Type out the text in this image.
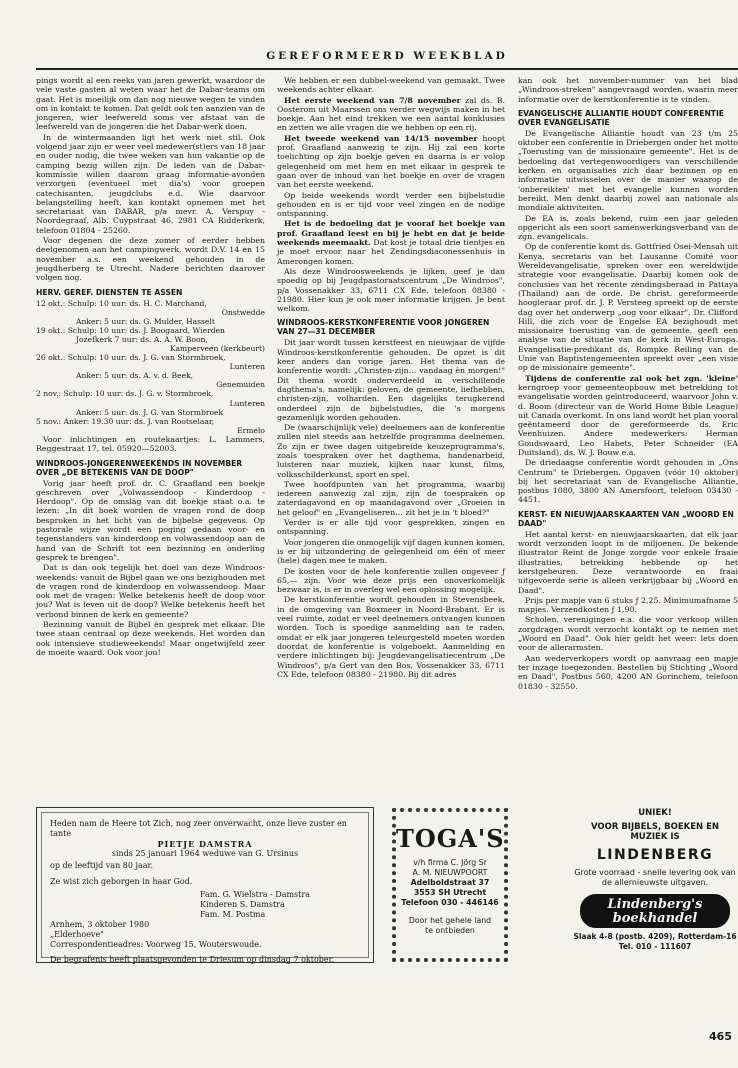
GEREFORMEERD WEEKBLAD

pings wordt al een reeks van jaren gewerkt, waardoor de vele vaste gasten al weten waar het de Dabar-teams om gaat. Het is moeilijk om dan nog nieuwe wegen te vinden om in kontakt te komen. Dat geldt ook ten aanzien van de jongeren, wier leefwereld soms ver afstaat van de leefwereld van de jongeren die het Dabar-werk doen.

In de wintermaanden ligt het werk niet stil. Ook volgend jaar zijn er weer veel medewer(st)ers van 18 jaar en ouder nodig, die twee weken van hun vakantie op de camping bezig willen zijn. De leden van de Dabar-kommissie willen daarom graag informatie-avonden verzorgen (eventueel met dia's) voor groepen catechisanten, jeugdclubs e.d. Wie daarvoor belangstelling heeft, kan kontakt opnemen met het secretariaat van DABAR, p/a mevr. A. Verspuy - Noordegraaf, Alb. Cuypstraat 46, 2981 CA Ridderkerk, telefoon 01804 - 25260.

Voor degenen die deze zomer of eerder hebben deelgenomen aan het campingwerk, wordt D.V. 14 en 15 november a.s. een weekend gehouden in de jeugdherberg te Utrecht. Nadere berichten daarover volgen nog.

HERV. GEREF. DIENSTEN TE ASSEN
12 okt.: Schulp: 10 uur: ds. H. C. Marchand,
Onstwedde
Anker: 5 uur: ds. G. Mulder, Hasselt
19 okt.: Schulp: 10 uur: ds. J. Boogaard, Wierden
Jozefkerk 7 uur: ds. A. A. W. Boon,
Kamperveen (kerkbeurt)
26 okt.: Schulp: 10 uur: ds. J. G. van Stormbroek,
Lunteren
Anker: 5 uur: ds. A. v. d. Beek,
Genemuiden
2 nov.: Schulp: 10 uur: ds. J. G. v. Stormbroek,
Lunteren
Anker: 5 uur: ds. J. G. van Stormbroek
5 nov.: Anker: 19.30 uur: ds. J. van Rootselaar,
Ermelo

Voor inlichtingen en routekaartjes: L. Lammers, Reggestraat 17, tel. 05920—52003.

WINDROOS-JONGERENWEEKENDS IN NOVEMBER OVER „DE BETEKENIS VAN DE DOOP"

Vorig jaar heeft prof. dr. C. Graafland een boekje geschreven over „Volwassendoop - Kinderdoop - Herdoop". Op de omslag van dit boekje staat o.a. te lezen: „In dit boek worden de vragen rond de doop besproken in het licht van de bijbelse gegevens. Op pastorale wijze wordt een poging gedaan voor- en tegenstanders van kinderdoop en volwassendoop aan de hand van de Schrift tot een bezinning en onderling gesprek te brengen".

Dat is dan ook tegelijk het doel van deze Windroos-weekends: vanuit de Bijbel gaan we ons bezighouden met de vragen rond de kinderdoop en volwassendoop. Maar ook met de vragen: Welke betekenis heeft de doop voor jou? Wat is leven uit de doop? Welke betekenis heeft het verbond binnen de kerk en gemeente?

Bezinning vanuit de Bijbel èn gesprek met elkaar. Die twee staan centraal op deze weekends. Het worden dan ook intensieve studieweekends! Maar ongetwijfeld zeer de moeite waard. Ook voor jou!

We hebben er een dubbel-weekend van gemaakt. Twee weekends achter elkaar.

Het eerste weekend van 7/8 november zal ds. B. Oosterom uit Maarssen ons verder wegwijs maken in het boekje. Aan het eind trekken we een aantal konklusies en zetten we alle vragen die we hebben op een rij.

Het tweede weekend van 14/15 november hoopt prof. Graafland aanwezig te zijn. Hij zal een korte toelichting op zijn boekje geven en daarna is er volop gelegenheid om met hem en met elkaar in gesprek te gaan over de inhoud van het boekje en over de vragen van het eerste weekend.

Op beide weekends wordt verder een bijbelstudie gehouden en is er tijd voor veel zingen en de nodige ontspanning.

Het is de bedoeling dat je vooraf het boekje van prof. Graafland leest en bij je hebt en dat je beide weekends meemaakt. Dat kost je totaal drie tientjes en je moet ervoor naar het Zendingsdiaconessenhuis in Amerongen komen.

Als deze Windroosweekends je lijken, geef je dan spoedig op bij Jeugdpastoraatscentrum „De Windroos", p/a Vossenakker 33, 6711 CX Ede, telefoon 08380 - 21980. Hier kun je ook meer informatie krijgen. Je bent welkom.

WINDROOS-KERSTKONFERENTIE VOOR JONGEREN VAN 27—31 DECEMBER

Dit jaar wordt tussen kerstfeest en nieuwjaar de vijfde Windroos-kerstkonferentie gehouden. De opzet is dit keer anders dan vorige jaren. Het thema van de konferentie wordt: „Christen-zijn… vandaag èn morgen!" Dit thema wordt onderverdeeld in verschillende dagthema's, namelijk: geloven, de gemeente, liefhebben, christen-zijn, volharden. Een dagelijks terugkerend onderdeel zijn de bijbelstudies, die 's morgens gezamenlijk worden gehouden.

De (waarschijnlijk vele) deelnemers aan de konferentie zullen niet steeds aan hetzelfde programma deelnemen. Zo zijn er twee dagen uitgebreide keuzeprogramma's, zoals toespraken over het dagthema, handenarbeid, luisteren naar muziek, kijken naar kunst, films, volksschilderkunst, sport en spel.

Twee hoofdpunten van het programma, waarbij iedereen aanwezig zal zijn, zijn de toespraken op zaterdagavond en op maandagavond over „Groeien in het geloof" en „Evangeliseren… zit het je in 't bloed?"

Verder is er alle tijd voor gesprekken, zingen en ontspanning.

Voor jongeren die onmogelijk vijf dagen kunnen komen, is er bij uitzondering de gelegenheid om één of meer (hele) dagen mee te maken.

De kosten voor de hele konferentie zullen ongeveer ƒ 65,— zijn. Voor wie deze prijs een onoverkomelijk bezwaar is, is er in overleg wel een oplossing mogelijk.

De kerstkonferentie wordt gehouden in Stevensbeek, in de omgeving van Boxmeer in Noord-Brabant. Er is veel ruimte, zodat er veel deelnemers ontvangen kunnen worden. Toch is spoedige aanmelding aan te raden, omdat er elk jaar jongeren teleurgesteld moeten worden doordat de konferentie is volgeboekt. Aanmelding en verdere inlichtingen bij: Jeugdevangelisatiecentrum „De Windroos", p/a Gert van den Bos, Vossenakker 33, 6711 CX Ede, telefoon 08380 - 21980. Bij dit adres

kan ook het november-nummer van het blad „Windroos-streken" aangevraagd worden, waarin meer informatie over de kerstkonferentie is te vinden.

EVANGELISCHE ALLIANTIE HOUDT CONFERENTIE OVER EVANGELISATIE

De Evangelische Alliantie houdt van 23 t/m 25 oktober een conferentie in Driebergen onder het motto „Toerusting van de missionaire gemeente". Het is de bedoeling dat vertegenwoordigers van verschillende kerken en organisaties zich daar bezinnen op en informatie uitwisselen over de manier waarop de 'onbereikten' met het evangelie kunnen worden bereikt. Men denkt daarbij zowel aan nationale als mondiale aktiviteiten.

De EA is, zoals bekend, ruim een jaar geleden opgericht als een soort samenwerkingsverband van de zgn. evangelicals.

Op de conferentie komt ds. Gottfried Osei-Mensah uit Kenya, secretaris van het Lausanne Comité voor Wereldevangelisatie, spreken over een wereldwijde strategie voor evangelisatie. Daarbij komen ook de conclusies van het recente zendingsberaad in Pattaya (Thailand) aan de orde. De christ. gereformeerde hoogleraar prof. dr. J. P. Versteeg spreekt op de eerste dag over het onderwerp „oog voor elkaar". Dr. Clifford Hill, die zich voor de Engelse EA bezighoudt met missionaire toerusting van de gemeente, geeft een analyse van de situatie van de kerk in West-Europa. Evangelisatie-predikant ds. Rompke Reiling van de Unie van Baptistengemeenten spreekt over „een visie op de missionaire gemeente".

Tijdens de conferentie zal ook het zgn. 'kleine' kerngroep voor gemeenteopbouw met betrekking tot evangelisatie worden geïntroduceerd, waarvoor John v. d. Boom (directeur van de World Home Bible League) uit Canada overkomt. In ons land wordt het plan vooral geëntameerd door de gereformeerde ds. Eric Veenhuizen. Andere medewerkers: Herman Goudswaard, Leo Habets, Peter Schneider (EA Duitsland), ds. W. J. Bouw e.a.

De driedaagse conferentie wordt gehouden in „Ons Centrum" te Driebergen. Opgaven (vóór 10 oktober) bij het secretariaat van de Evangelische Alliantie, postbus 1080, 3800 AN Amersfoort, telefoon 03430 - 4451.

KERST- EN NIEUWJAARSKAARTEN VAN „WOORD EN DAAD"

Het aantal kerst- en nieuwjaarskaarten, dat elk jaar wordt verzonden loopt in de miljoenen. De bekende illustrator Reint de Jonge zorgde voor enkele fraaie illustraties, betrekking hebbende op het kerstgebeuren. Deze verantwoorde en fraai uitgevoerde serie is alleen verkrijgbaar bij „Woord en Daad".

Prijs per mapje van 6 stuks ƒ 2,25. Minimumafname 5 mapjes. Verzendkosten ƒ 1,90.

Scholen, verenigingen e.a. die voor verkoop willen zorgdragen wordt verzocht kontakt op te nemen met „Woord en Daad". Ook hier geldt het weer: lets doen voor de allerarmsten.

Aan wederverkopers wordt op aanvraag een mapje ter inzage toegezonden. Bestellen bij Stichting „Woord en Daad", Postbus 560, 4200 AN Gorinchem, telefoon 01830 - 32550.

Heden nam de Heere tot Zich, nog zeer onverwacht, onze lieve zuster en tante
PIETJE DAMSTRA
sinds 25 januari 1964 weduwe van G. Ursinus
op de leeftijd van 80 jaar.
Ze wist zich geborgen in haar God.
Fam. G. Wielstra - Damstra
Kinderen S. Damstra
Fam. M. Postma
Arnhem, 3 oktober 1980
„Elderhoeve"
Correspondentieadres: Voorweg 15, Wouterswoude.
De begrafenis heeft plaatsgevonden te Driesum op dinsdag 7 oktober.
TOGA'S
v/h firma C. Jörg Sr
A. M. NIEUWPOORT
Adelboldstraat 37
3553 SH Utrecht
Telefoon 030 - 446146
Door het gehele land
te ontbieden
UNIEK!
VOOR BIJBELS, BOEKEN EN MUZIEK IS
LINDENBERG
Grote voorraad - snelle levering ook van de allernieuwste uitgaven.
Lindenberg's
boekhandel
Slaak 4-8 (postb. 4209), Rotterdam-16
Tel. 010 - 111607
465
